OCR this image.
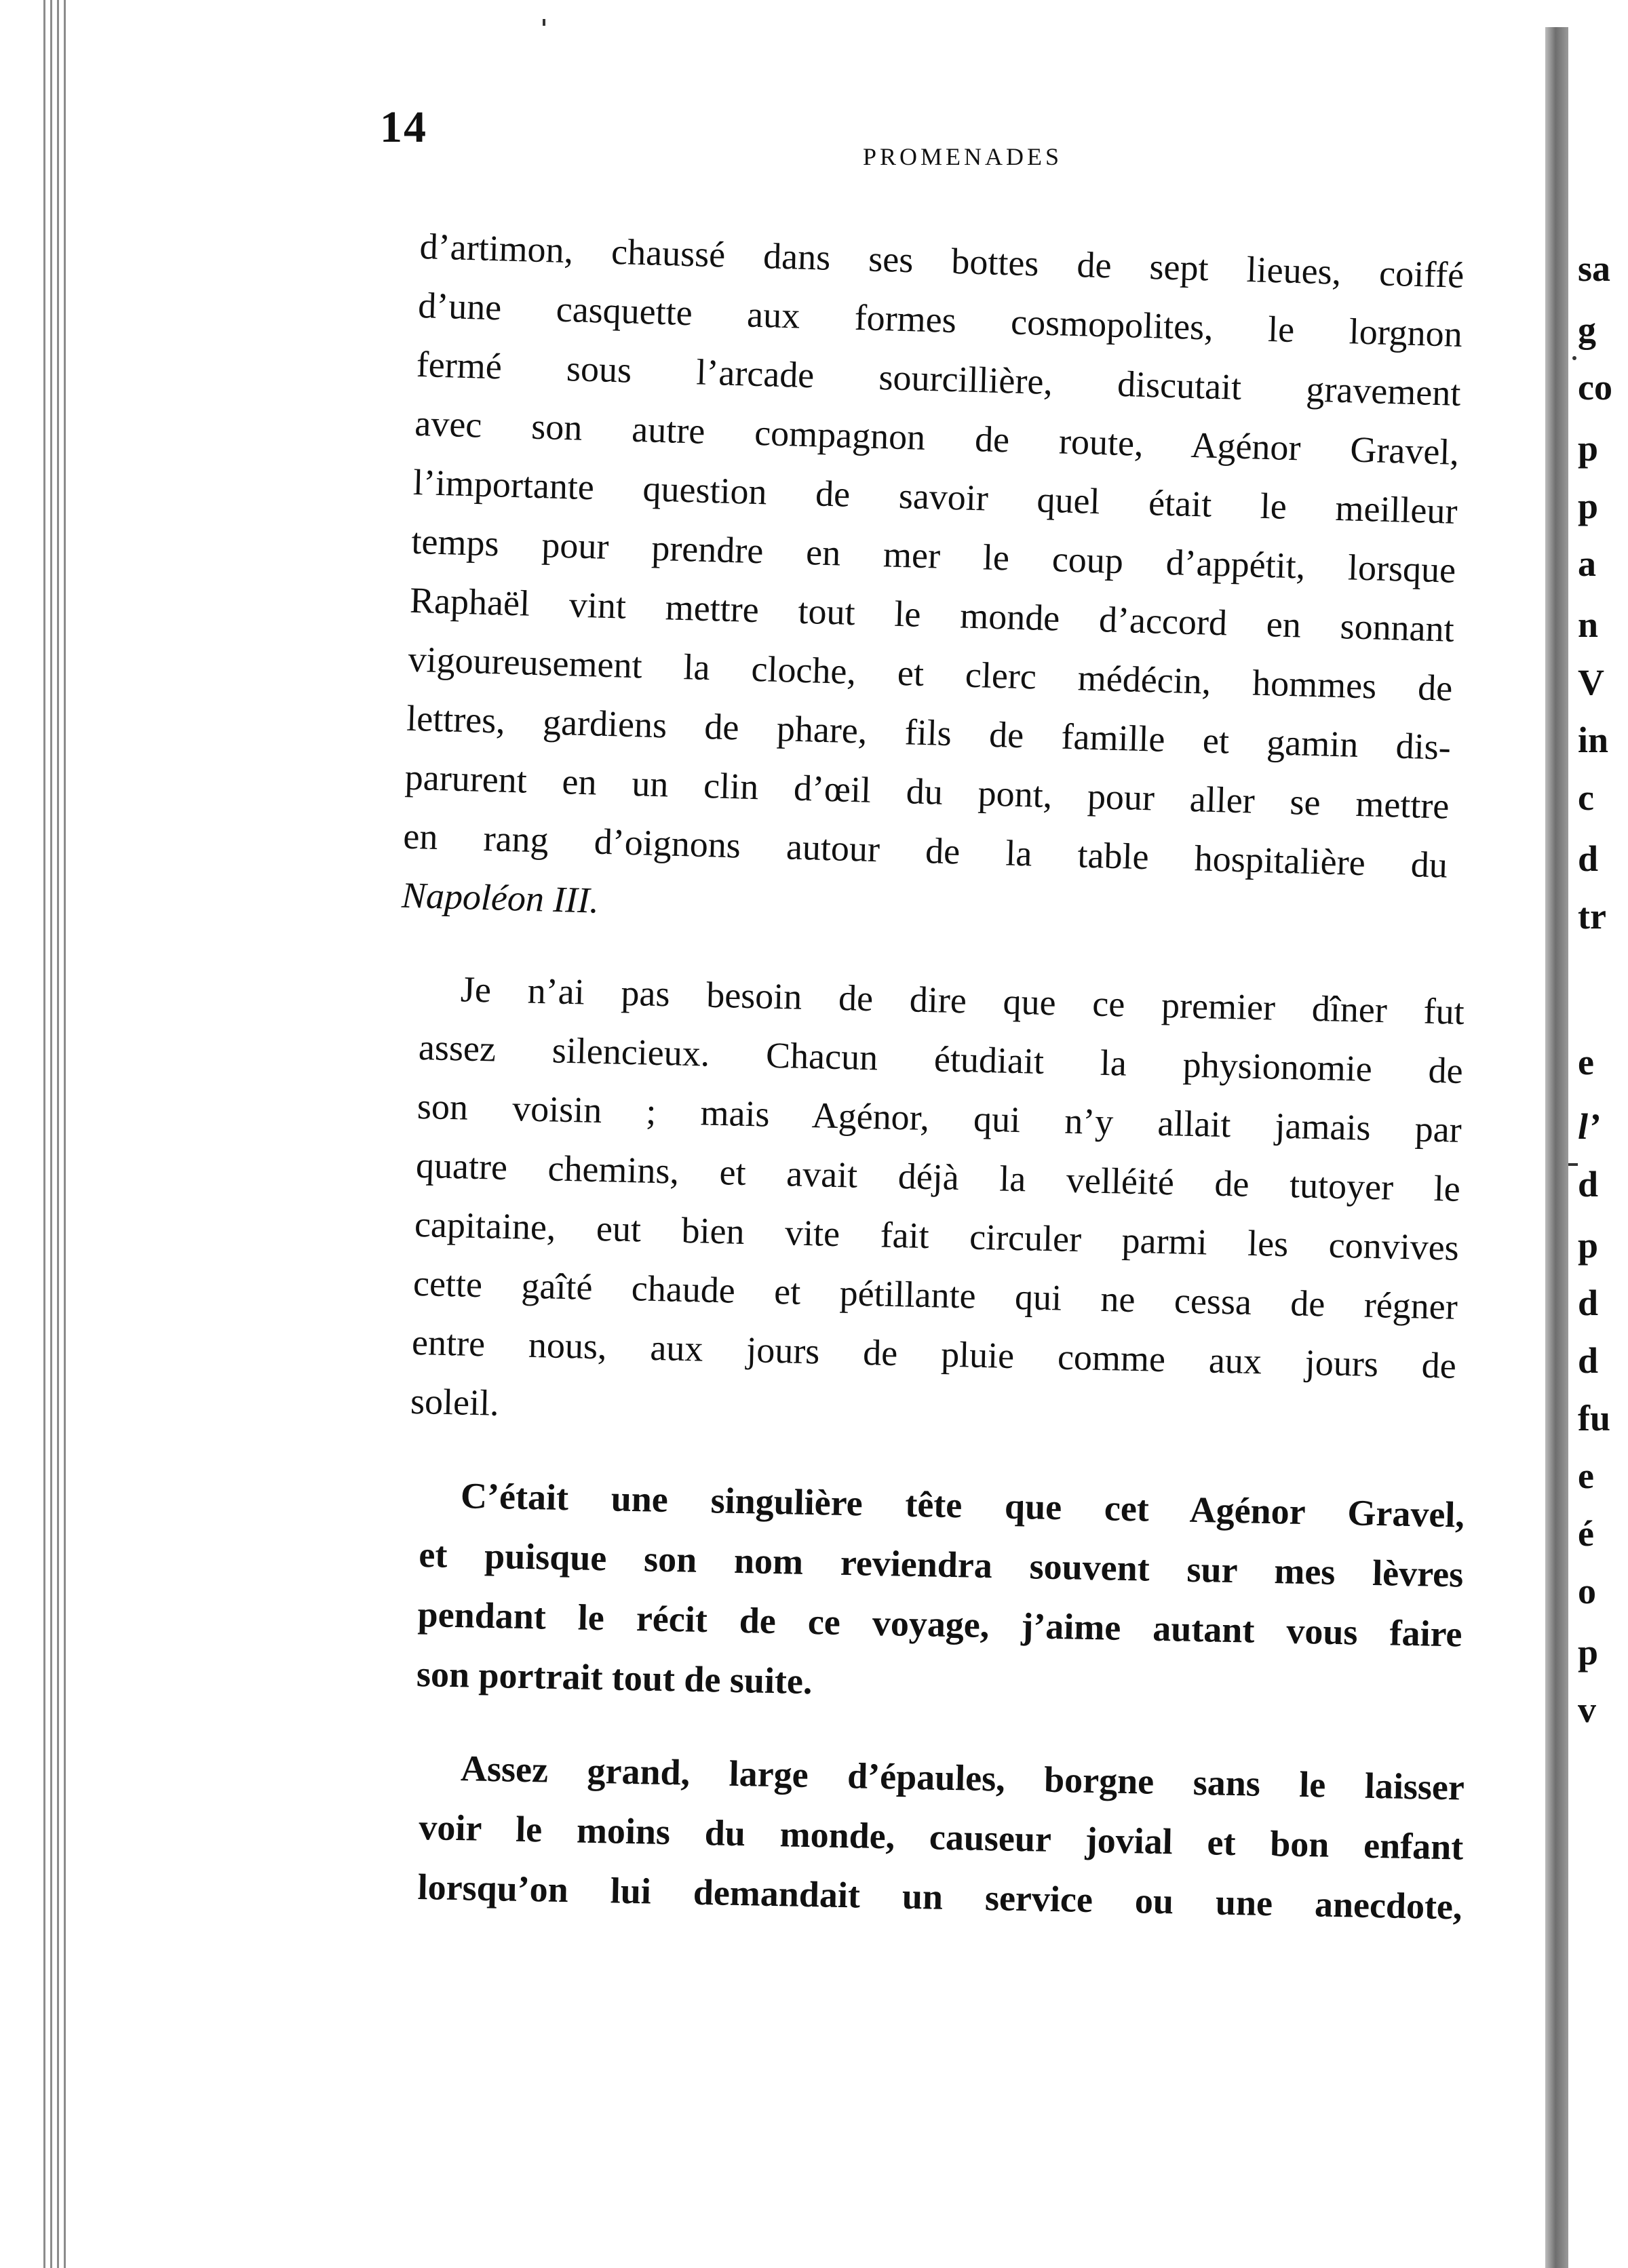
14
PROMENADES

d’artimon, chaussé dans ses bottes de sept lieues, coiffé
d’une casquette aux formes cosmopolites, le lorgnon
fermé sous l’arcade sourcillière, discutait gravement
avec son autre compagnon de route, Agénor Gravel,
l’importante question de savoir quel était le meilleur
temps pour prendre en mer le coup d’appétit, lorsque
Raphaël vint mettre tout le monde d’accord en sonnant
vigoureusement la cloche, et clerc médécin, hommes de
lettres, gardiens de phare, fils de famille et gamin dis-
parurent en un clin d’œil du pont, pour aller se mettre
en rang d’oignons autour de la table hospitalière du
Napoléon III.

Je n’ai pas besoin de dire que ce premier dîner fut
assez silencieux. Chacun étudiait la physionomie de
son voisin ; mais Agénor, qui n’y allait jamais par
quatre chemins, et avait déjà la velléité de tutoyer le
capitaine, eut bien vite fait circuler parmi les convives
cette gaîté chaude et pétillante qui ne cessa de régner
entre nous, aux jours de pluie comme aux jours de
soleil.

C’était une singulière tête que cet Agénor Gravel,
et puisque son nom reviendra souvent sur mes lèvres
pendant le récit de ce voyage, j’aime autant vous faire
son portrait tout de suite.

Assez grand, large d’épaules, borgne sans le laisser
voir le moins du monde, causeur jovial et bon enfant
lorsqu’on lui demandait un service ou une anecdote,

sa
g
co
p
p
a
n
V
in
c
d
tr
e
l’
d
p
d
d
fu
e
é
o
p
v
